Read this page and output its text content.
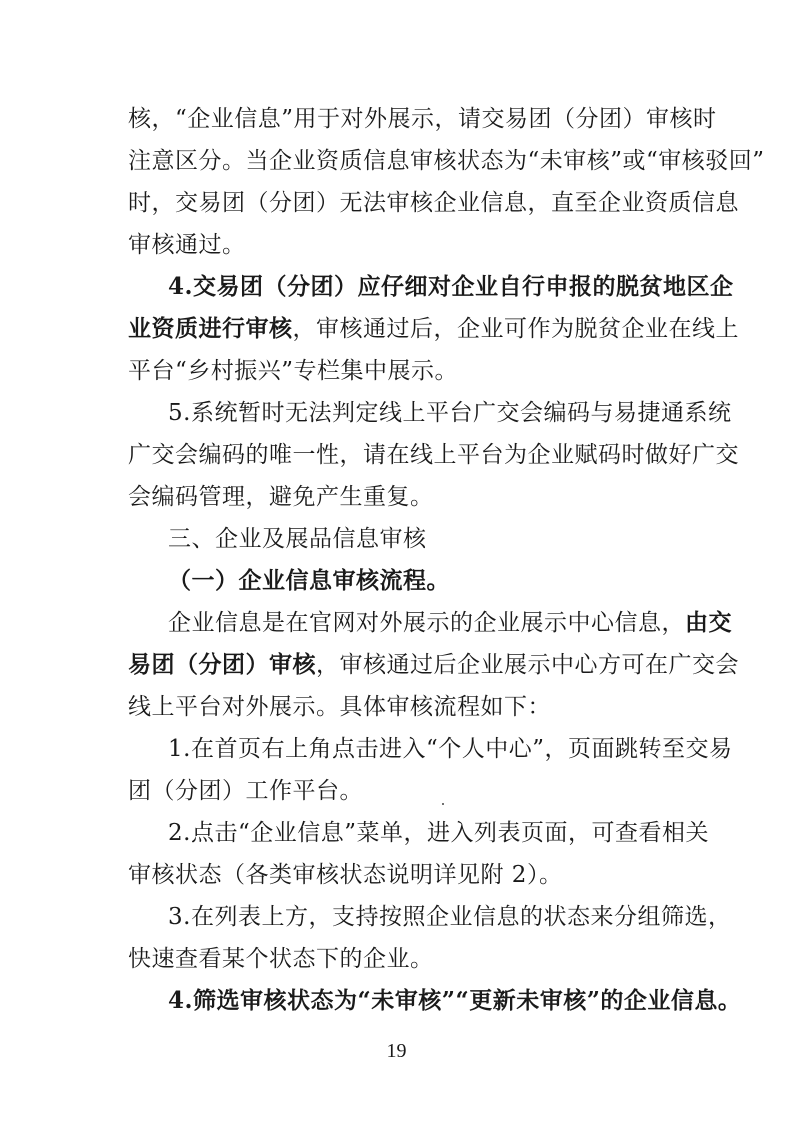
核，“企业信息”用于对外展示，请交易团（分团）审核时
注意区分。当企业资质信息审核状态为“未审核”或“审核驳回”
时，交易团（分团）无法审核企业信息，直至企业资质信息
审核通过。
4.交易团（分团）应仔细对企业自行申报的脱贫地区企
业资质进行审核，审核通过后，企业可作为脱贫企业在线上
平台“乡村振兴”专栏集中展示。
5.系统暂时无法判定线上平台广交会编码与易捷通系统
广交会编码的唯一性，请在线上平台为企业赋码时做好广交
会编码管理，避免产生重复。
三、企业及展品信息审核
（一）企业信息审核流程。
企业信息是在官网对外展示的企业展示中心信息，由交
易团（分团）审核，审核通过后企业展示中心方可在广交会
线上平台对外展示。具体审核流程如下：
1.在首页右上角点击进入“个人中心”，页面跳转至交易
团（分团）工作平台。
2.点击“企业信息”菜单，进入列表页面，可查看相关
审核状态（各类审核状态说明详见附 2）。
3.在列表上方，支持按照企业信息的状态来分组筛选，
快速查看某个状态下的企业。
4.筛选审核状态为“未审核”“更新未审核”的企业信息。
19
